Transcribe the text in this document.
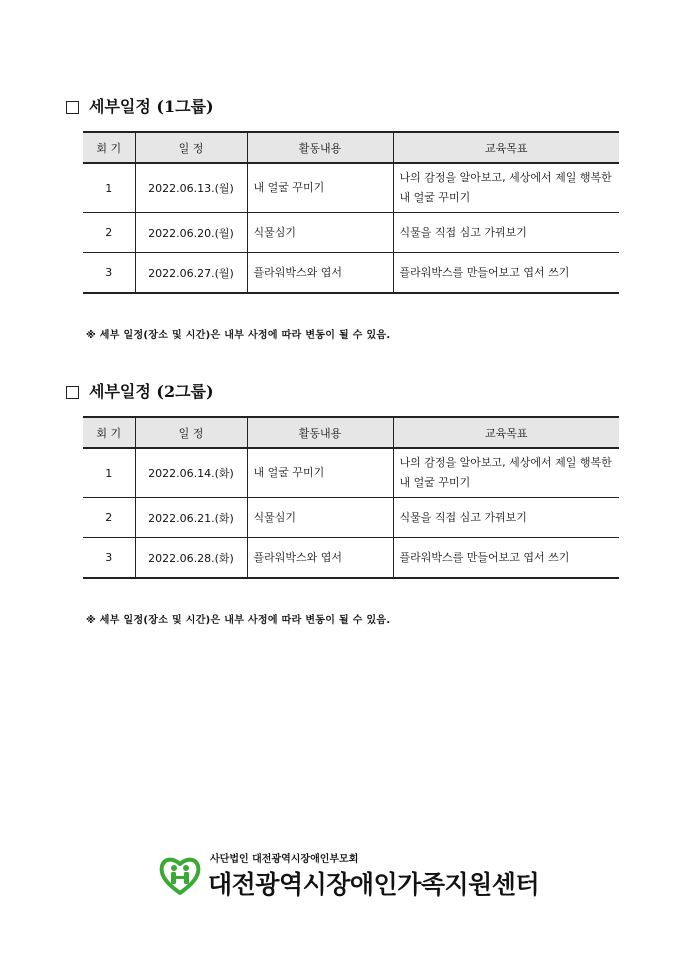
세부일정 (1그룹)
회 기	일 정	활동내용	교육목표
1	2022.06.13.(월)	내 얼굴 꾸미기	나의 감정을 알아보고, 세상에서 제일 행복한 내 얼굴 꾸미기
2	2022.06.20.(월)	식물심기	식물을 직접 심고 가꿔보기
3	2022.06.27.(월)	플라워박스와 엽서	플라워박스를 만들어보고 엽서 쓰기
※ 세부 일정(장소 및 시간)은 내부 사정에 따라 변동이 될 수 있음.
세부일정 (2그룹)
회 기	일 정	활동내용	교육목표
1	2022.06.14.(화)	내 얼굴 꾸미기	나의 감정을 알아보고, 세상에서 제일 행복한 내 얼굴 꾸미기
2	2022.06.21.(화)	식물심기	식물을 직접 심고 가꿔보기
3	2022.06.28.(화)	플라워박스와 엽서	플라워박스를 만들어보고 엽서 쓰기
※ 세부 일정(장소 및 시간)은 내부 사정에 따라 변동이 될 수 있음.
사단법인 대전광역시장애인부모회
대전광역시장애인가족지원센터
